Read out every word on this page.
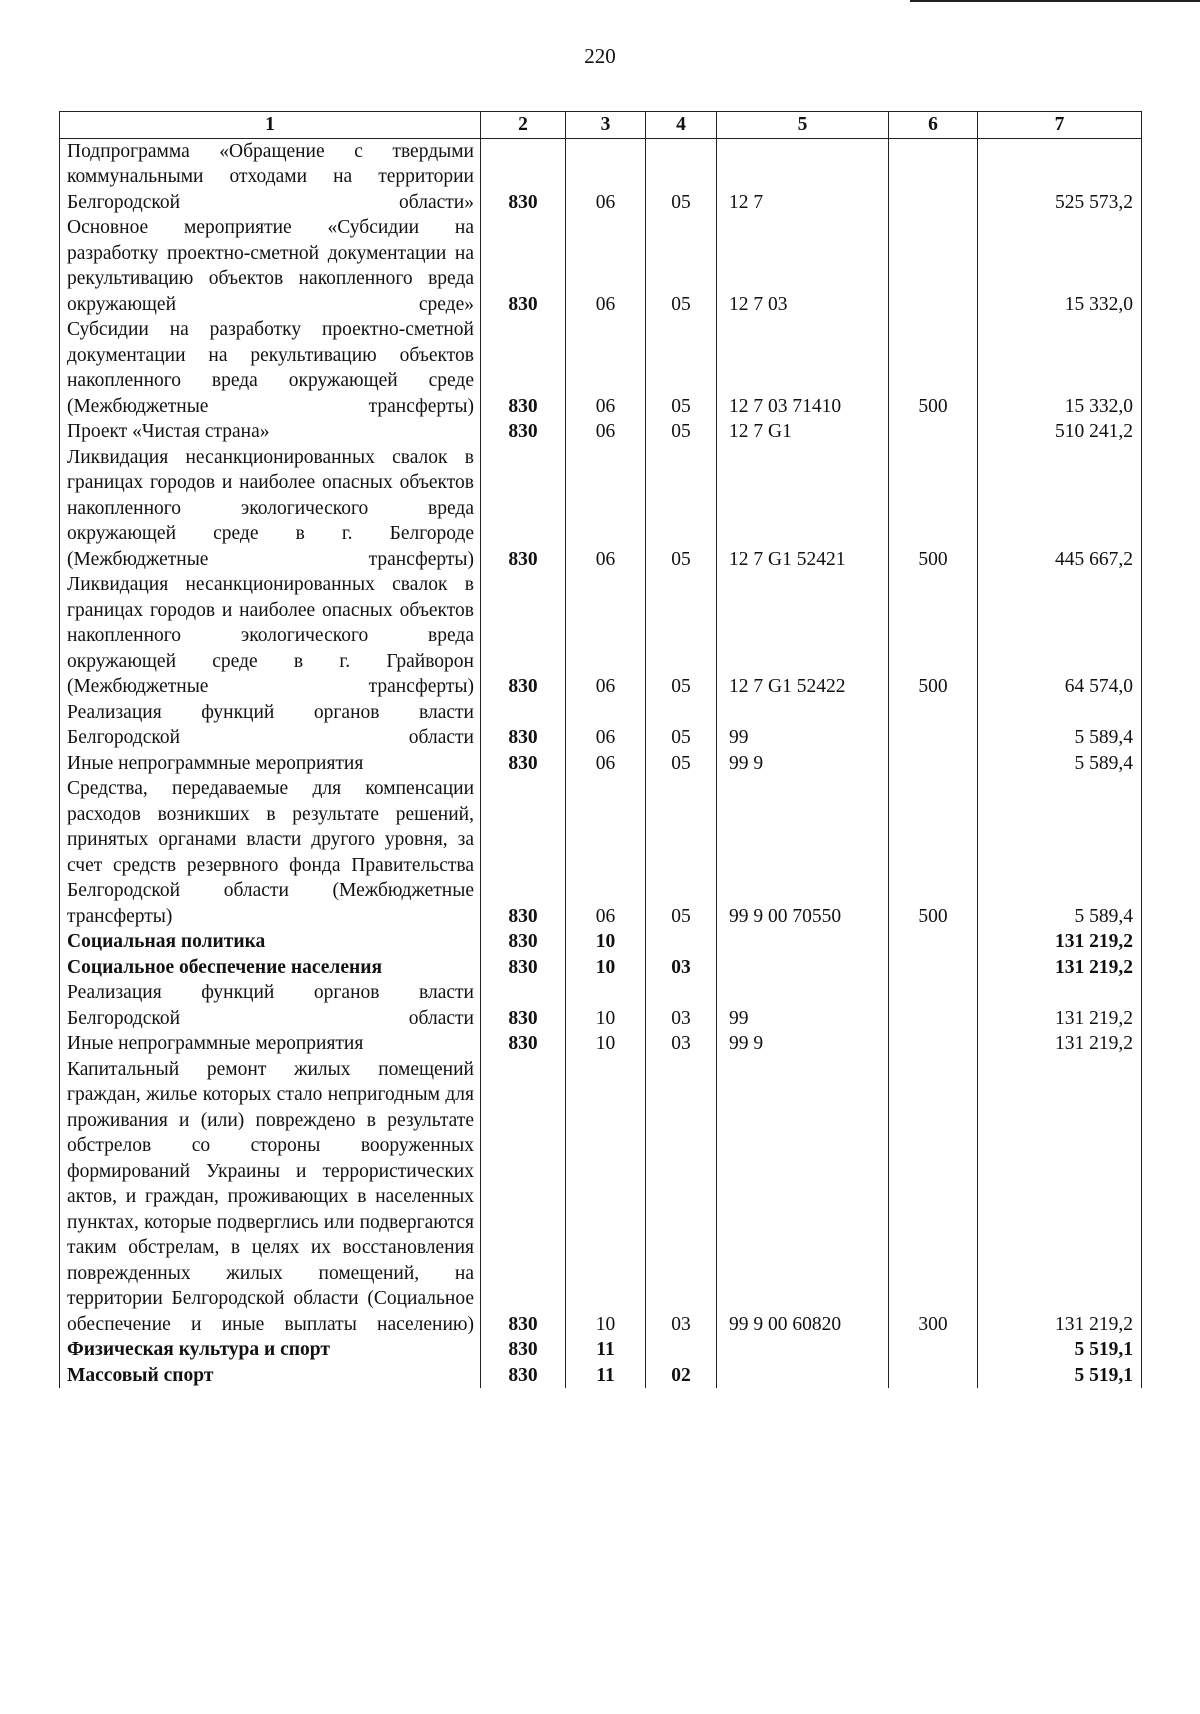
220
1	2	3	4	5	6	7
Подпрограмма «Обращение с твердыми коммунальными отходами на территории Белгородской области»	830	06	05	12 7		525 573,2
Основное мероприятие «Субсидии на разработку проектно-сметной документации на рекультивацию объектов накопленного вреда окружающей среде»	830	06	05	12 7 03		15 332,0
Субсидии на разработку проектно-сметной документации на рекультивацию объектов накопленного вреда окружающей среде (Межбюджетные трансферты)	830	06	05	12 7 03 71410	500	15 332,0
Проект «Чистая страна»	830	06	05	12 7 G1		510 241,2
Ликвидация несанкционированных свалок в границах городов и наиболее опасных объектов накопленного экологического вреда окружающей среде в г. Белгороде (Межбюджетные трансферты)	830	06	05	12 7 G1 52421	500	445 667,2
Ликвидация несанкционированных свалок в границах городов и наиболее опасных объектов накопленного экологического вреда окружающей среде в г. Грайворон (Межбюджетные трансферты)	830	06	05	12 7 G1 52422	500	64 574,0
Реализация функций органов власти Белгородской области	830	06	05	99		5 589,4
Иные непрограммные мероприятия	830	06	05	99 9		5 589,4
Средства, передаваемые для компенсации расходов возникших в результате решений, принятых органами власти другого уровня, за счет средств резервного фонда Правительства Белгородской области (Межбюджетные трансферты)	830	06	05	99 9 00 70550	500	5 589,4
Социальная политика	830	10				131 219,2
Социальное обеспечение населения	830	10	03			131 219,2
Реализация функций органов власти Белгородской области	830	10	03	99		131 219,2
Иные непрограммные мероприятия	830	10	03	99 9		131 219,2
Капитальный ремонт жилых помещений граждан, жилье которых стало непригодным для проживания и (или) повреждено в результате обстрелов со стороны вооруженных формирований Украины и террористических актов, и граждан, проживающих в населенных пунктах, которые подверглись или подвергаются таким обстрелам, в целях их восстановления поврежденных жилых помещений, на территории Белгородской области (Социальное обеспечение и иные выплаты населению)	830	10	03	99 9 00 60820	300	131 219,2
Физическая культура и спорт	830	11				5 519,1
Массовый спорт	830	11	02			5 519,1
